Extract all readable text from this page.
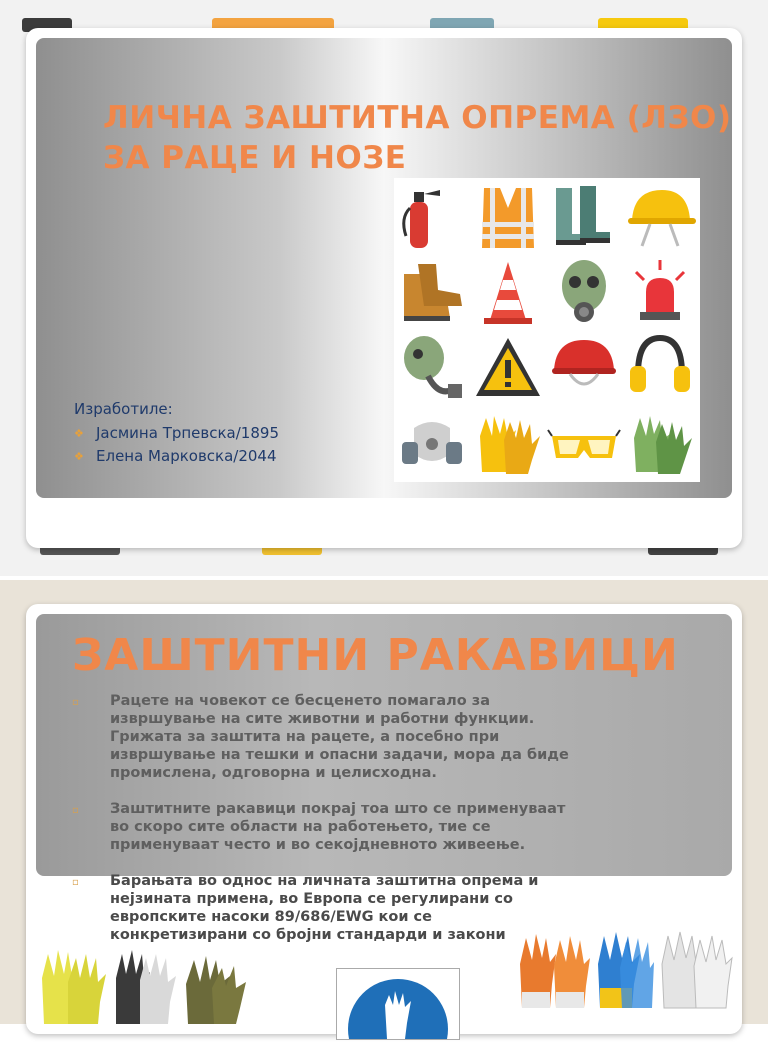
ЛИЧНА ЗАШТИТНА ОПРЕМА (ЛЗО)
ЗА РАЦЕ И НОЗЕ
Изработиле:
❖ Јасмина Трпевска/1895
❖ Елена Марковска/2044
ЗАШТИТНИ РАКАВИЦИ
▫	Рацете на човекот се бесценето помагало за
извршување на сите животни и работни функции.
Грижата за заштита на рацете, а посебно при
извршување на тешки и опасни задачи, мора да биде
промислена, одговорна и целисходна.
▫	Заштитните ракавици покрај тоа што се применуваат
во скоро сите области на работењето, тие се
применуваат често и во секојдневното живеење.
▫	Барањата во однос на личната заштитна опрема и
нејзината примена, во Европа се регулирани со
европските насоки 89/686/EWG кои се
конкретизирани со бројни стандарди и закони
